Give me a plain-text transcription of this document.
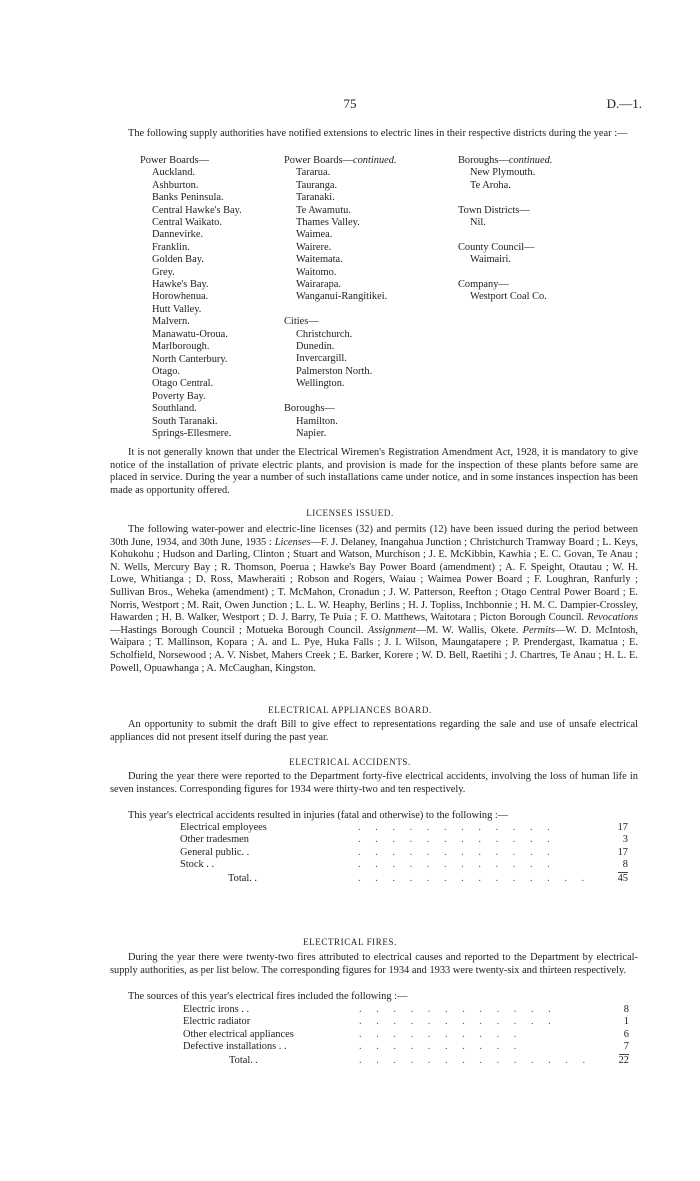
75	D.—1.
The following supply authorities have notified extensions to electric lines in their respective districts during the year :—
Power Boards—
Auckland.
Ashburton.
Banks Peninsula.
Central Hawke's Bay.
Central Waikato.
Dannevirke.
Franklin.
Golden Bay.
Grey.
Hawke's Bay.
Horowhenua.
Hutt Valley.
Malvern.
Manawatu-Oroua.
Marlborough.
North Canterbury.
Otago.
Otago Central.
Poverty Bay.
Southland.
South Taranaki.
Springs-Ellesmere.
Power Boards—continued.
Tararua.
Tauranga.
Taranaki.
Te Awamutu.
Thames Valley.
Waimea.
Wairere.
Waitemata.
Waitomo.
Wairarapa.
Wanganui-Rangitikei.
Cities—
Christchurch.
Dunedin.
Invercargill.
Palmerston North.
Wellington.
Boroughs—
Hamilton.
Napier.
Boroughs—continued.
New Plymouth.
Te Aroha.
Town Districts—
Nil.
County Council—
Waimairi.
Company—
Westport Coal Co.
It is not generally known that under the Electrical Wiremen's Registration Amendment Act, 1928, it is mandatory to give notice of the installation of private electric plants, and provision is made for the inspection of these plants before same are placed in service. During the year a number of such installations came under notice, and in some instances inspection has been made as opportunity offered.
LICENSES ISSUED.
The following water-power and electric-line licenses (32) and permits (12) have been issued during the period between 30th June, 1934, and 30th June, 1935 : Licenses—F. J. Delaney, Inangahua Junction ; Christchurch Tramway Board ; L. Keys, Kohukohu ; Hudson and Darling, Clinton ; Stuart and Watson, Murchison ; J. E. McKibbin, Kawhia ; E. C. Govan, Te Anau ; N. Wells, Mercury Bay ; R. Thomson, Poerua ; Hawke's Bay Power Board (amendment) ; A. F. Speight, Otautau ; W. H. Lowe, Whitianga ; D. Ross, Mawheraiti ; Robson and Rogers, Waiau ; Waimea Power Board ; F. Loughran, Ranfurly ; Sullivan Bros., Weheka (amendment) ; T. McMahon, Cronadun ; J. W. Patterson, Reefton ; Otago Central Power Board ; E. Norris, Westport ; M. Rait, Owen Junction ; L. L. W. Heaphy, Berlins ; H. J. Topliss, Inchbonnie ; H. M. C. Dampier-Crossley, Hawarden ; H. B. Walker, Westport ; D. J. Barry, Te Puia ; F. O. Matthews, Waitotara ; Picton Borough Council. Revocations—Hastings Borough Council ; Motueka Borough Council. Assignment—M. W. Wallis, Okete. Permits—W. D. McIntosh, Waipara ; T. Mallinson, Kopara ; A. and L. Pye, Huka Falls ; J. I. Wilson, Maungatapere ; P. Prendergast, Ikamatua ; E. Scholfield, Norsewood ; A. V. Nisbet, Mahers Creek ; E. Barker, Korere ; W. D. Bell, Raetihi ; J. Chartres, Te Anau ; H. L. E. Powell, Opuawhanga ; A. McCaughan, Kingston.
ELECTRICAL APPLIANCES BOARD.
An opportunity to submit the draft Bill to give effect to representations regarding the sale and use of unsafe electrical appliances did not present itself during the past year.
ELECTRICAL ACCIDENTS.
During the year there were reported to the Department forty-five electrical accidents, involving the loss of human life in seven instances. Corresponding figures for 1934 were thirty-two and ten respectively.
This year's electrical accidents resulted in injuries (fatal and otherwise) to the following :—
Electrical employees	. . . . . . . . . . . .	17
Other tradesmen	. . . . . . . . . . . .	3
General public. .	. . . . . . . . . . . .	17
Stock . .	. . . . . . . . . . . .	8

Total. .	. . . . . . . . . . . . . .	45
ELECTRICAL FIRES.
During the year there were twenty-two fires attributed to electrical causes and reported to the Department by electrical-supply authorities, as per list below. The corresponding figures for 1934 and 1933 were twenty-six and thirteen respectively.
The sources of this year's electrical fires included the following :—
Electric irons . .	. . . . . . . . . . . .	8
Electric radiator	. . . . . . . . . . . .	1
Other electrical appliances	. . . . . . . . . .	6
Defective installations . .	. . . . . . . . . .	7

Total. .	. . . . . . . . . . . . . .	22
